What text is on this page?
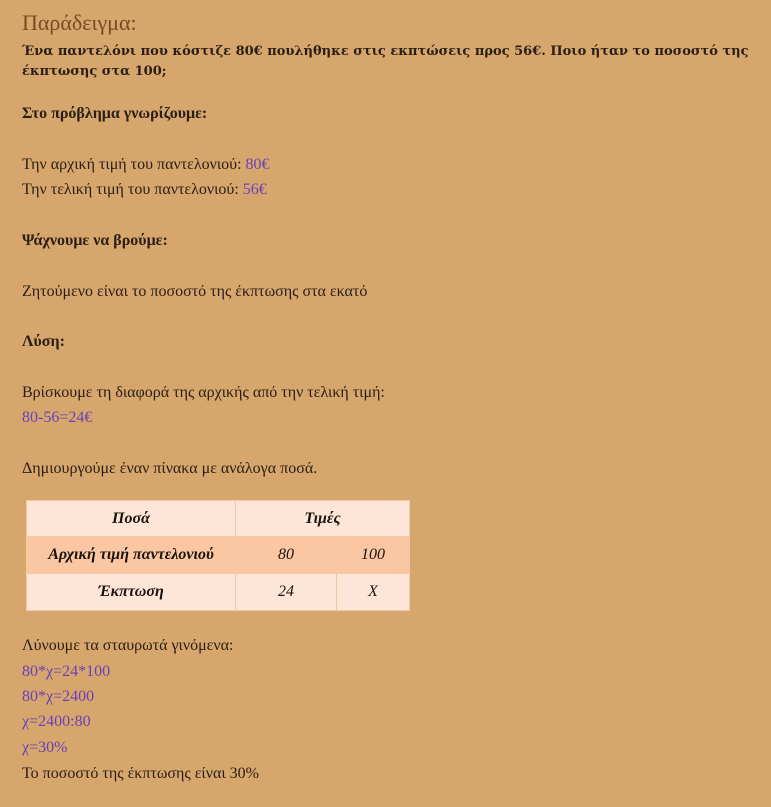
Παράδειγμα:

Ένα παντελόνι που κόστιζε 80€ πουλήθηκε στις εκπτώσεις προς 56€. Ποιο ήταν το ποσοστό της έκπτωσης στα 100;

Στο πρόβλημα γνωρίζουμε:

Την αρχική τιμή του παντελονιού: 80€

Την τελική τιμή του παντελονιού: 56€

Ψάχνουμε να βρούμε:

Ζητούμενο είναι το ποσοστό της έκπτωσης στα εκατό

Λύση:

Βρίσκουμε τη διαφορά της αρχικής από την τελική τιμή:

80-56=24€

Δημιουργούμε έναν πίνακα με ανάλογα ποσά.

Ποσά	Τιμές	
Αρχική τιμή παντελονιού	80	100
Έκπτωση	24	Χ

Λύνουμε τα σταυρωτά γινόμενα:

80*χ=24*100

80*χ=2400

χ=2400:80

χ=30%

Το ποσοστό της έκπτωσης είναι 30%
